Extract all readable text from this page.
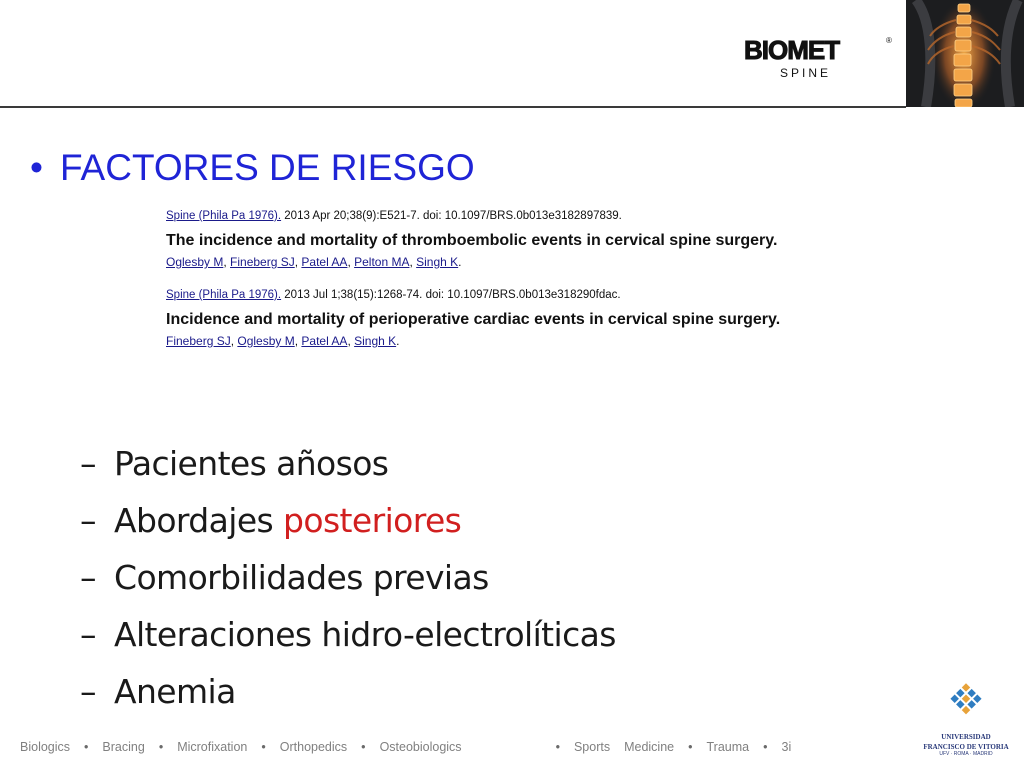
BIOMET	®
SPINE
• FACTORES DE RIESGO
Spine (Phila Pa 1976). 2013 Apr 20;38(9):E521-7. doi: 10.1097/BRS.0b013e3182897839.
The incidence and mortality of thromboembolic events in cervical spine surgery.
Oglesby M, Fineberg SJ, Patel AA, Pelton MA, Singh K.
Spine (Phila Pa 1976). 2013 Jul 1;38(15):1268-74. doi: 10.1097/BRS.0b013e318290fdac.
Incidence and mortality of perioperative cardiac events in cervical spine surgery.
Fineberg SJ, Oglesby M, Patel AA, Singh K.
– Pacientes añosos
– Abordajes posteriores
– Comorbilidades previas
– Alteraciones hidro-electrolíticas
– Anemia
Biologics • Bracing • Microfixation • Orthopedics • Osteobiologics	• Sports Medicine • Trauma • 3i
UNIVERSIDAD
FRANCISCO DE VITORIA
UFV · ROMA · MADRID
